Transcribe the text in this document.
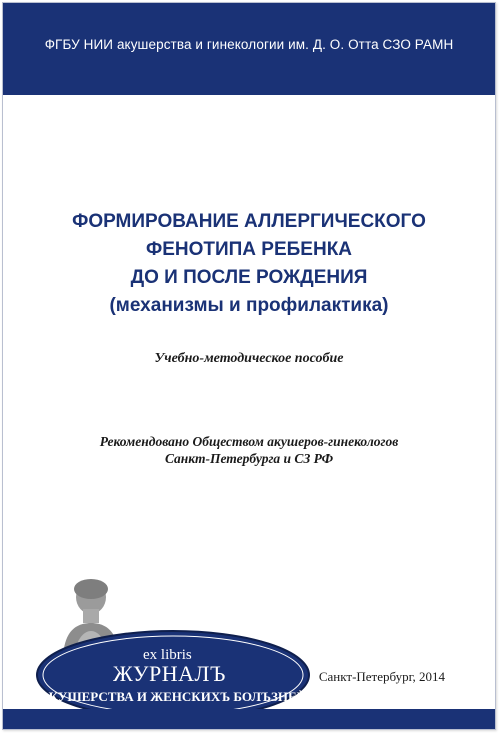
ФГБУ НИИ акушерства и гинекологии им. Д. О. Отта СЗО РАМН
ФОРМИРОВАНИЕ АЛЛЕРГИЧЕСКОГО
ФЕНОТИПА РЕБЕНКА
ДО И ПОСЛЕ РОЖДЕНИЯ
(механизмы и профилактика)
Учебно-методическое пособие
Рекомендовано Обществом акушеров-гинекологов
Санкт-Петербурга и СЗ РФ
ex libris
ЖУРНАЛЪ
АКУШЕРСТВА И ЖЕНСКИХЪ БОЛЪЗНЕЙ
Санкт-Петербург, 2014
